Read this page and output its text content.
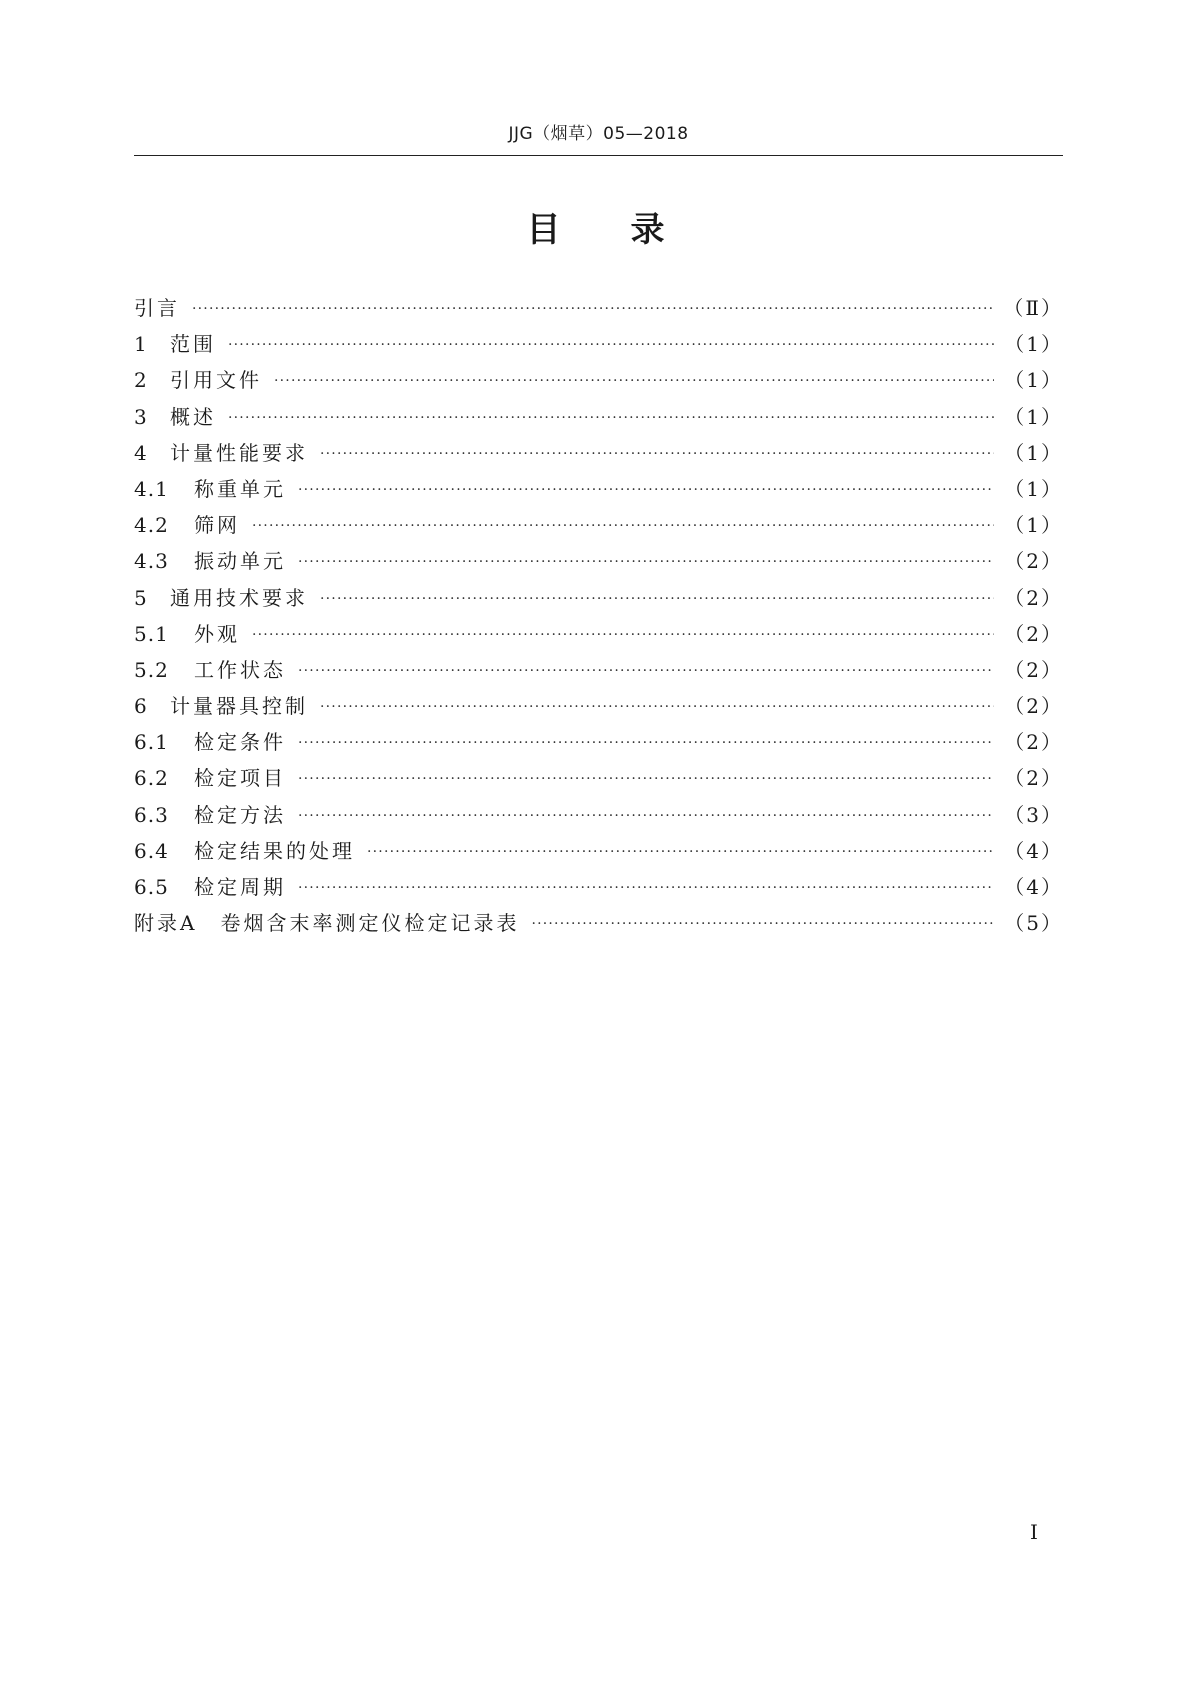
JJG（烟草）05—2018
目 录
引言 ·····	（Ⅱ）
1	范围 ·····	（1）
2	引用文件 ·····	（1）
3	概述 ·····	（1）
4	计量性能要求 ·····	（1）
4.1	称重单元 ·····	（1）
4.2	筛网 ·····	（1）
4.3	振动单元 ·····	（2）
5	通用技术要求 ·····	（2）
5.1	外观 ·····	（2）
5.2	工作状态 ·····	（2）
6	计量器具控制 ·····	（2）
6.1	检定条件 ·····	（2）
6.2	检定项目 ·····	（2）
6.3	检定方法 ·····	（3）
6.4	检定结果的处理 ·····	（4）
6.5	检定周期 ·····	（4）
附录A　卷烟含末率测定仪检定记录表 ·····	（5）
Ⅰ
